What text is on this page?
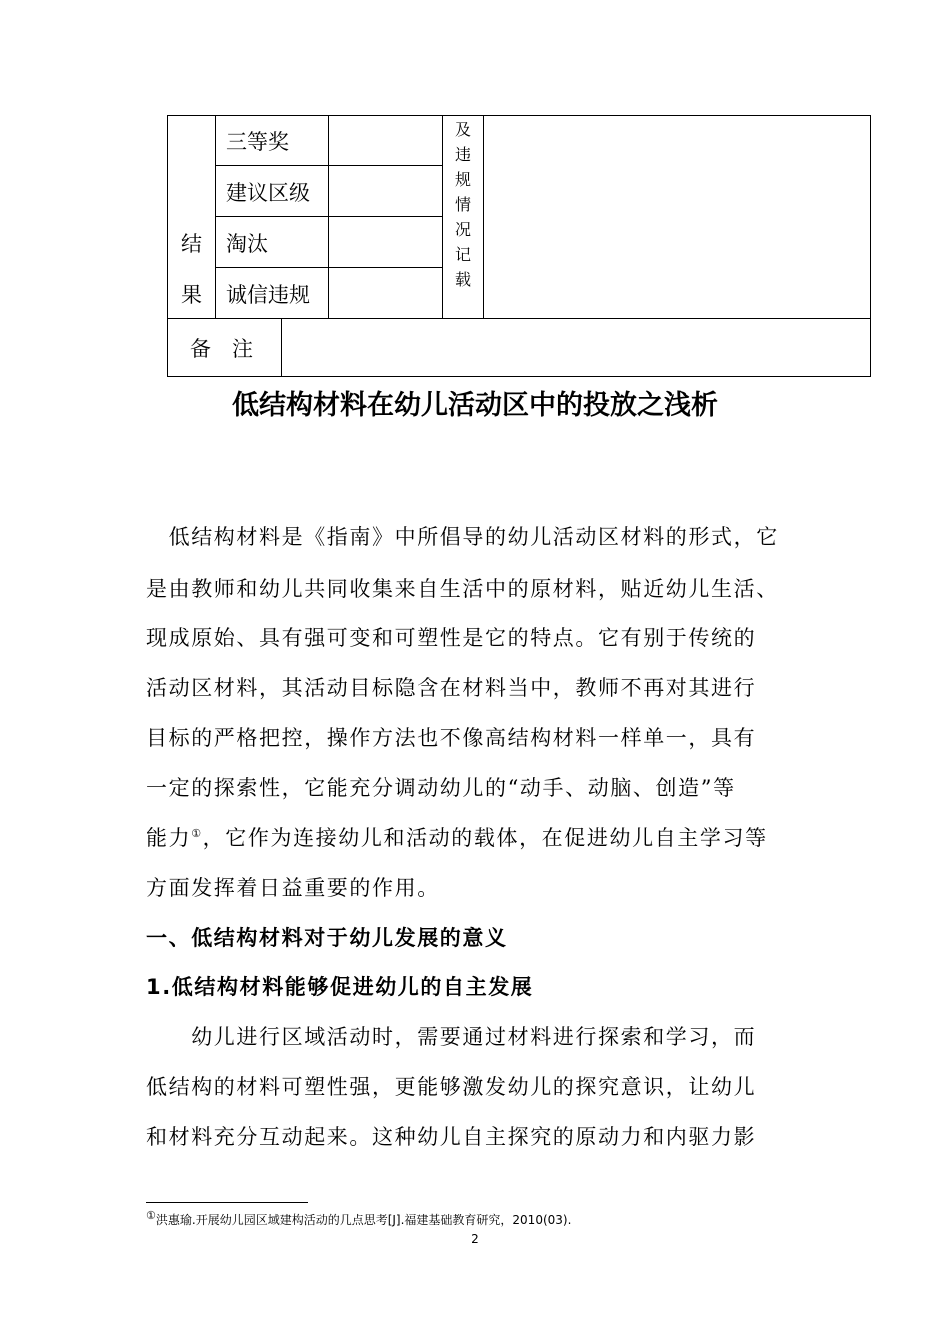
三等奖
建议区级
淘汰
诚信违规
结
果
及
违
规
情
况
记
载
备　注
低结构材料在幼儿活动区中的投放之浅析
　低结构材料是《指南》中所倡导的幼儿活动区材料的形式，它
是由教师和幼儿共同收集来自生活中的原材料，贴近幼儿生活、
现成原始、具有强可变和可塑性是它的特点。它有别于传统的
活动区材料，其活动目标隐含在材料当中，教师不再对其进行
目标的严格把控，操作方法也不像高结构材料一样单一，具有
一定的探索性，它能充分调动幼儿的“动手、动脑、创造”等
能力①，它作为连接幼儿和活动的载体，在促进幼儿自主学习等
方面发挥着日益重要的作用。
一、低结构材料对于幼儿发展的意义
1.低结构材料能够促进幼儿的自主发展
　　幼儿进行区域活动时，需要通过材料进行探索和学习，而
低结构的材料可塑性强，更能够激发幼儿的探究意识，让幼儿
和材料充分互动起来。这种幼儿自主探究的原动力和内驱力影
①洪惠瑜.开展幼儿园区域建构活动的几点思考[J].福建基础教育研究，2010(03).
2
